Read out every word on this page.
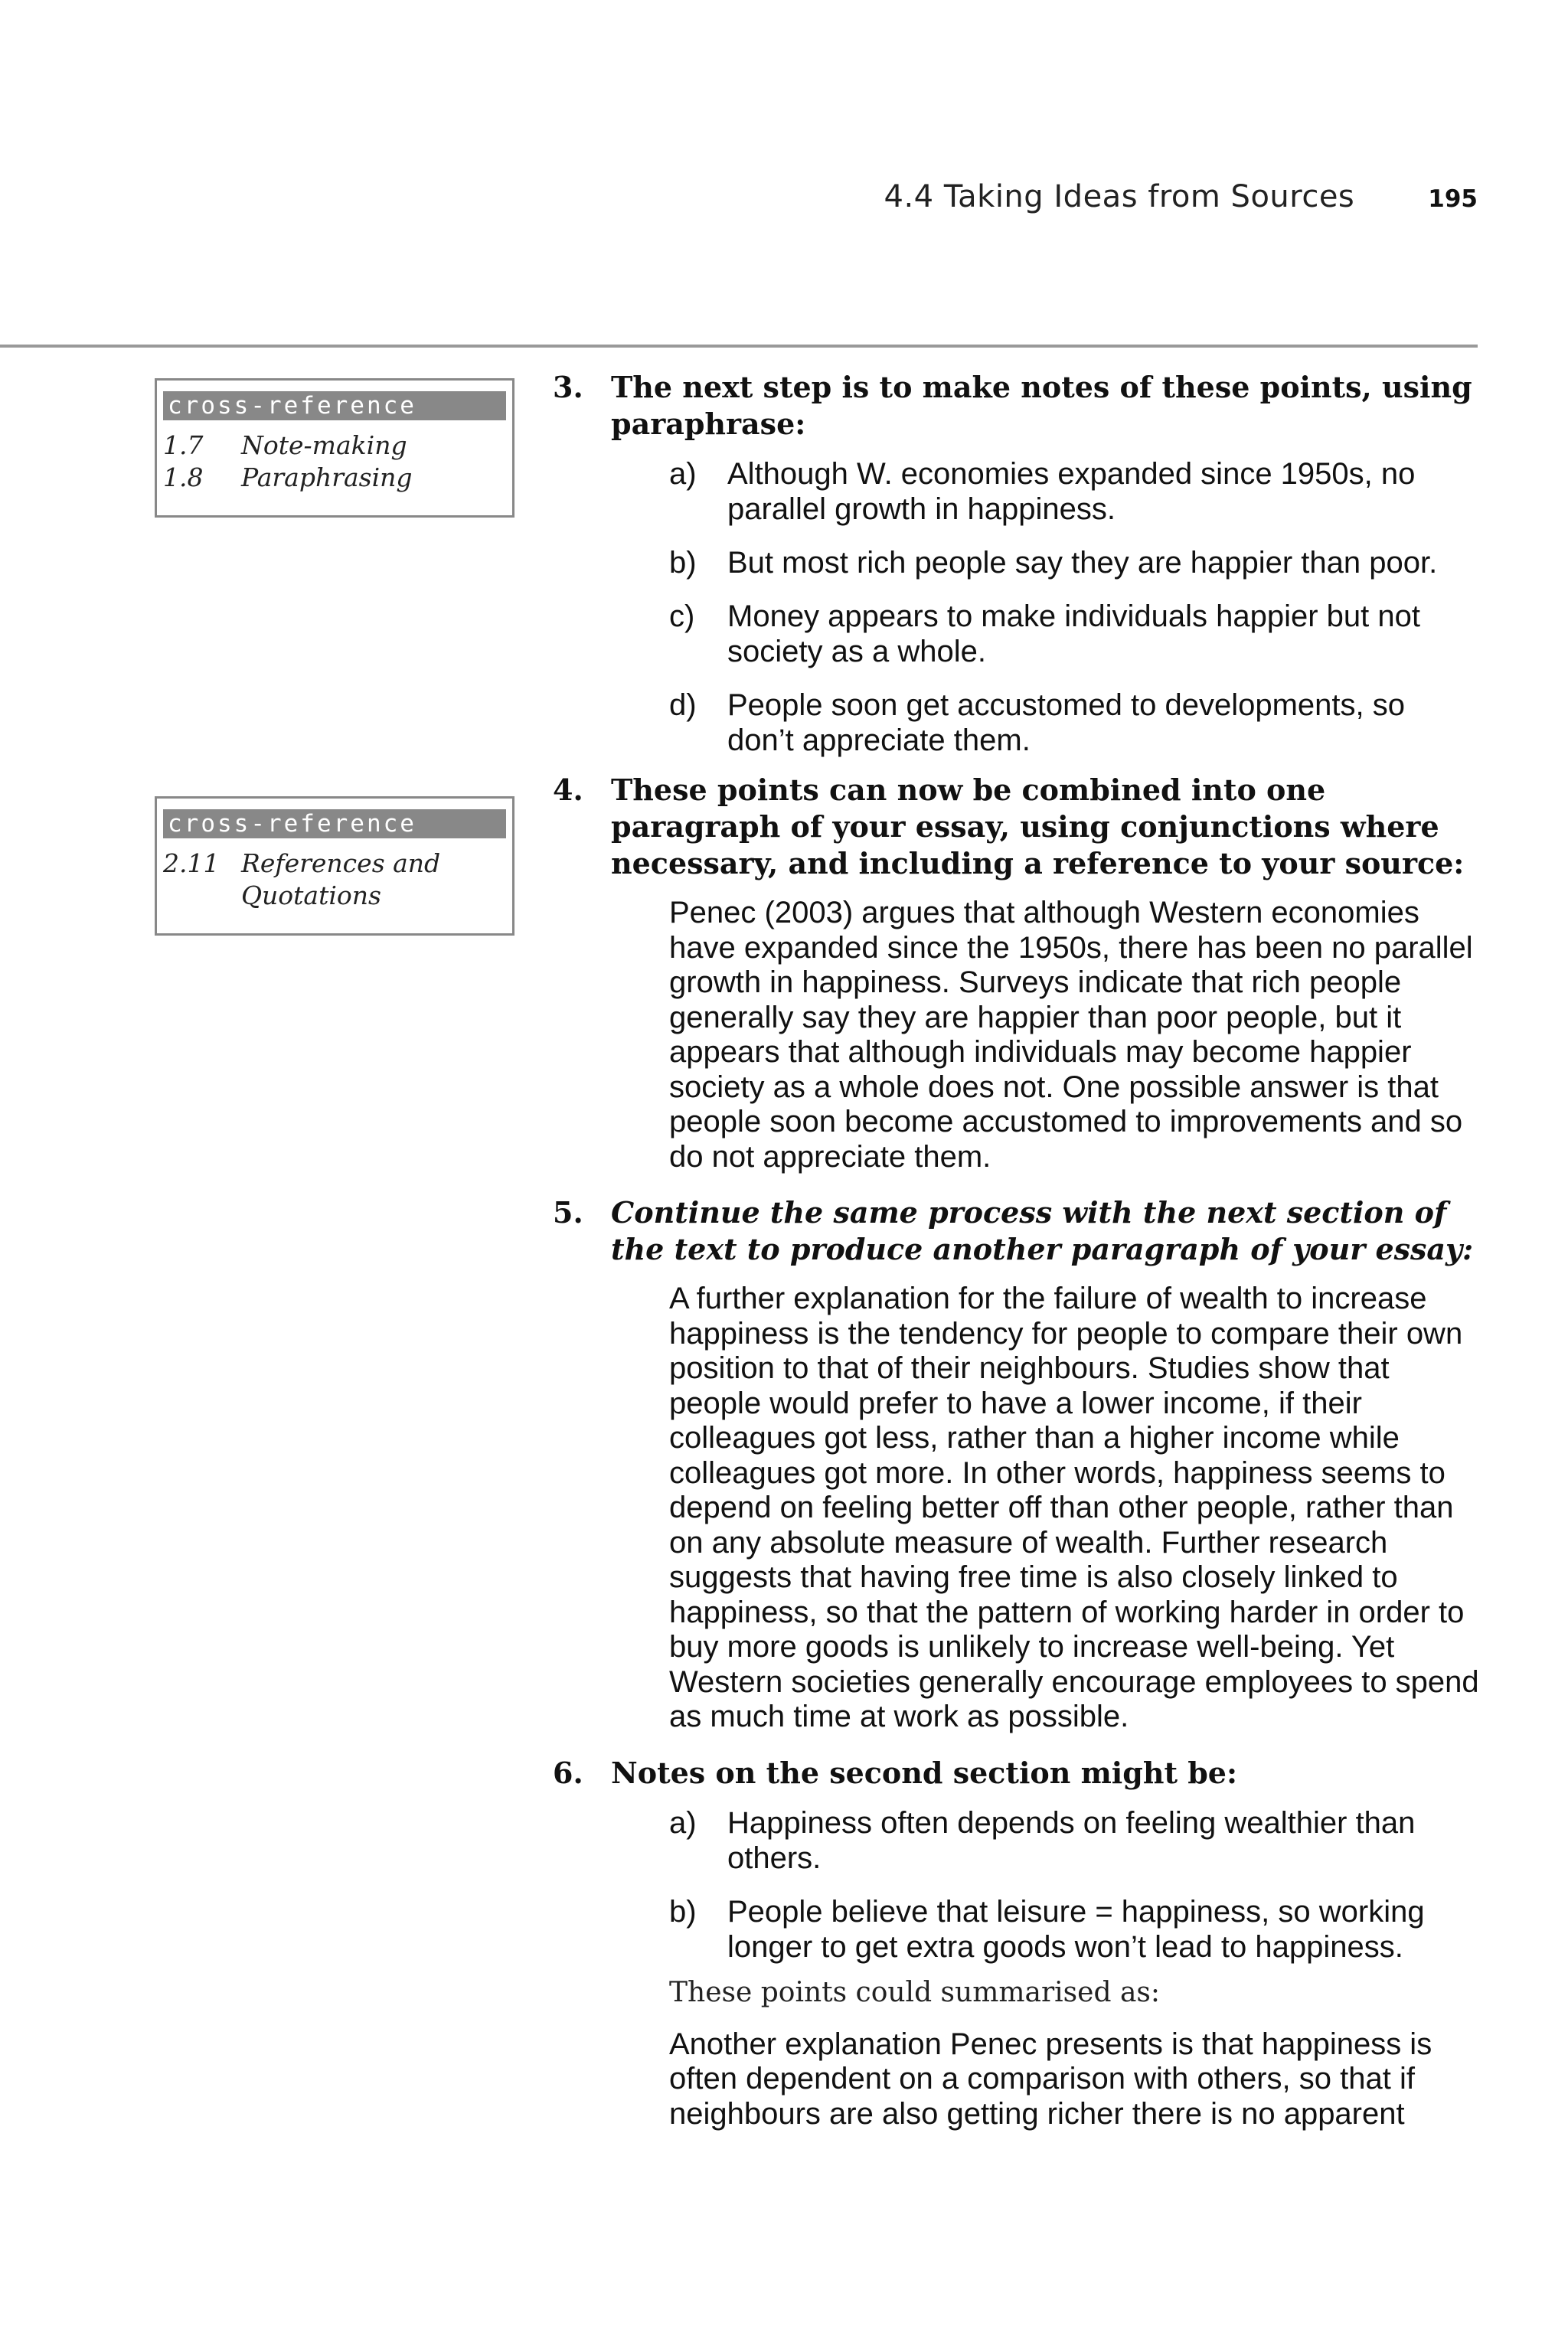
4.4 Taking Ideas from Sources	195
cross-reference
1.7	Note-making
1.8	Paraphrasing
cross-reference
2.11 References and Quotations
3. The next step is to make notes of these points, using paraphrase:
a)	Although W. economies expanded since 1950s, no parallel growth in happiness.
b)	But most rich people say they are happier than poor.
c)	Money appears to make individuals happier but not society as a whole.
d)	People soon get accustomed to developments, so don’t appreciate them.
4. These points can now be combined into one paragraph of your essay, using conjunctions where necessary, and including a reference to your source:
Penec (2003) argues that although Western economies have expanded since the 1950s, there has been no parallel growth in happiness. Surveys indicate that rich people generally say they are happier than poor people, but it appears that although individuals may become happier society as a whole does not. One possible answer is that people soon become accustomed to improvements and so do not appreciate them.
5. Continue the same process with the next section of the text to produce another paragraph of your essay:
A further explanation for the failure of wealth to increase happiness is the tendency for people to compare their own position to that of their neighbours. Studies show that people would prefer to have a lower income, if their colleagues got less, rather than a higher income while colleagues got more. In other words, happiness seems to depend on feeling better off than other people, rather than on any absolute measure of wealth. Further research suggests that having free time is also closely linked to happiness, so that the pattern of working harder in order to buy more goods is unlikely to increase well-being. Yet Western societies generally encourage employees to spend as much time at work as possible.
6. Notes on the second section might be:
a)	Happiness often depends on feeling wealthier than others.
b)	People believe that leisure = happiness, so working longer to get extra goods won’t lead to happiness.
These points could summarised as:
Another explanation Penec presents is that happiness is often dependent on a comparison with others, so that if neighbours are also getting richer there is no apparent
